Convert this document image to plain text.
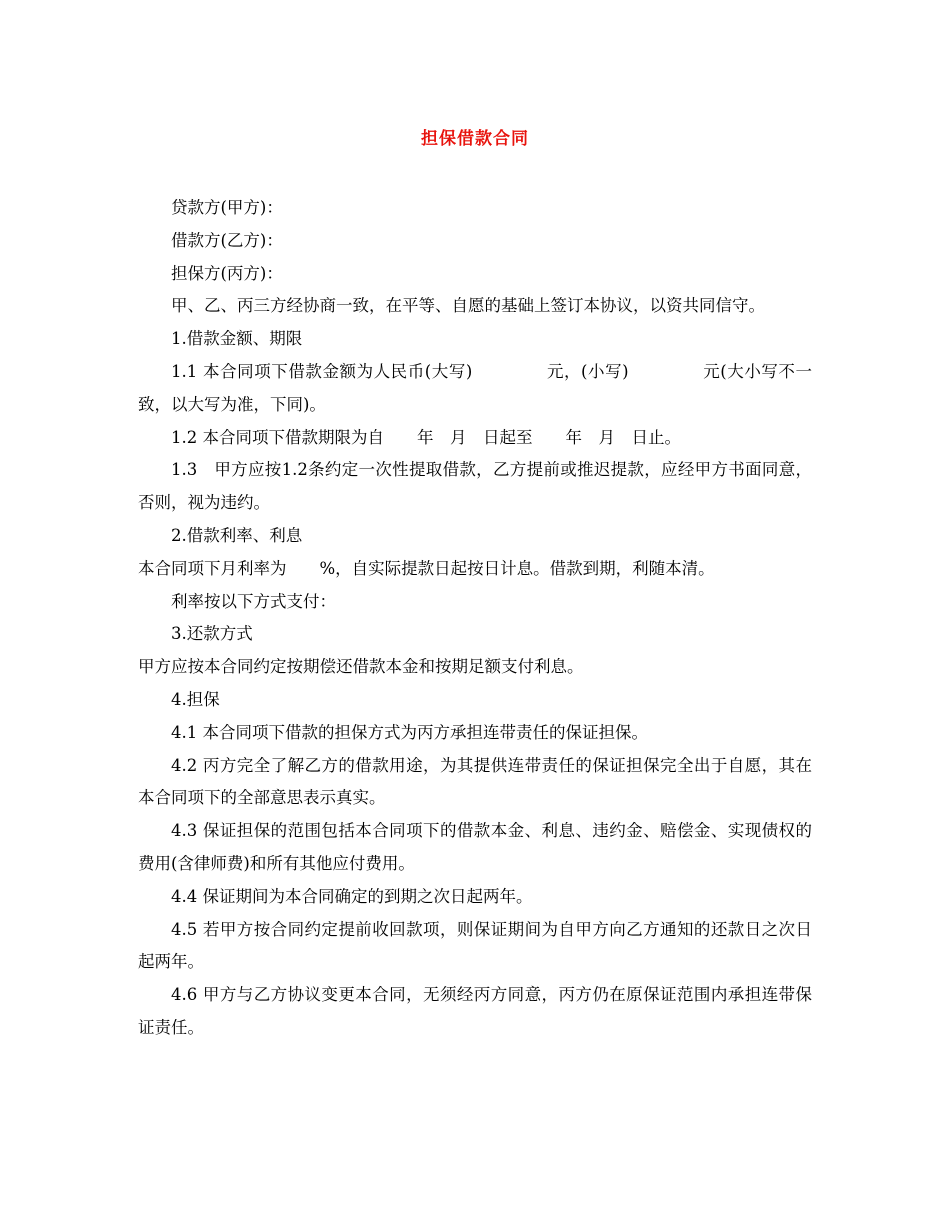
担保借款合同

贷款方(甲方)：

借款方(乙方)：

担保方(丙方)：

甲、乙、丙三方经协商一致，在平等、自愿的基础上签订本协议，以资共同信守。

1.借款金额、期限

1.1 本合同项下借款金额为人民币(大写)　　　　 元，(小写)　　　　 元(大小写不一致，以大写为准，下同)。

1.2 本合同项下借款期限为自　　年　月　日起至　　年　月　日止。

1.3　甲方应按1.2条约定一次性提取借款，乙方提前或推迟提款，应经甲方书面同意，否则，视为违约。

2.借款利率、利息

本合同项下月利率为　　%，自实际提款日起按日计息。借款到期，利随本清。

利率按以下方式支付：

3.还款方式

甲方应按本合同约定按期偿还借款本金和按期足额支付利息。

4.担保

4.1 本合同项下借款的担保方式为丙方承担连带责任的保证担保。

4.2 丙方完全了解乙方的借款用途，为其提供连带责任的保证担保完全出于自愿，其在本合同项下的全部意思表示真实。

4.3 保证担保的范围包括本合同项下的借款本金、利息、违约金、赔偿金、实现债权的费用(含律师费)和所有其他应付费用。

4.4 保证期间为本合同确定的到期之次日起两年。

4.5 若甲方按合同约定提前收回款项，则保证期间为自甲方向乙方通知的还款日之次日起两年。

4.6 甲方与乙方协议变更本合同，无须经丙方同意，丙方仍在原保证范围内承担连带保证责任。
